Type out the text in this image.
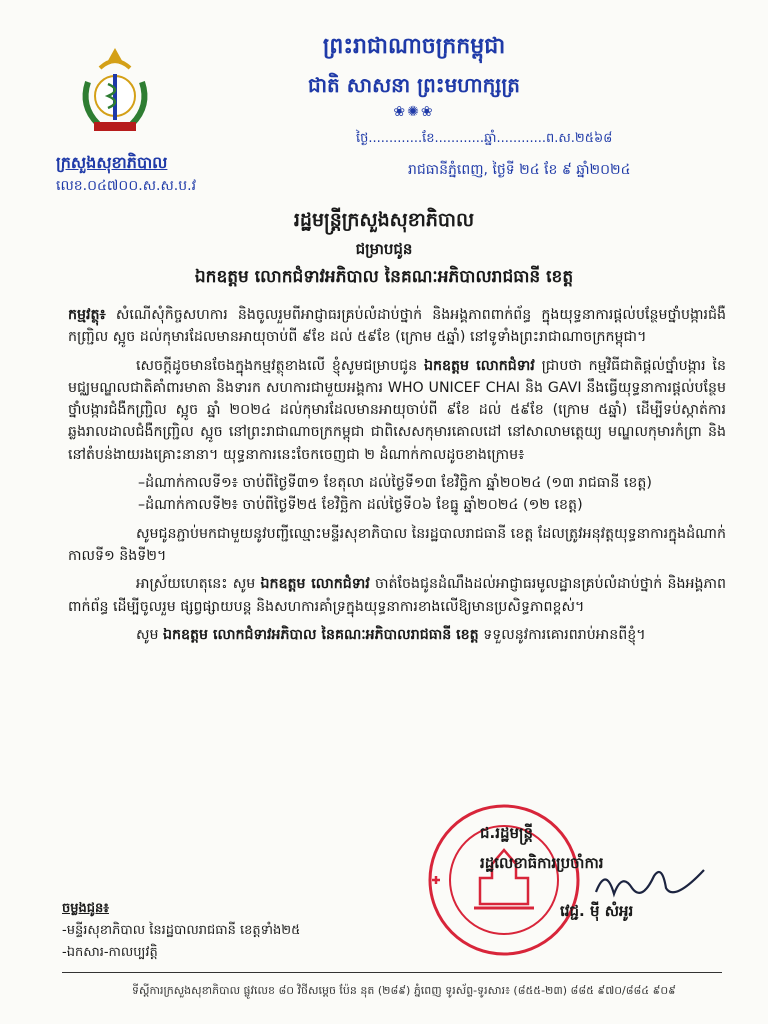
ព្រះរាជាណាចក្រកម្ពុជា
ជាតិ សាសនា ព្រះមហាក្សត្រ
❀✺❀
ក្រសួងសុខាភិបាល
លេខ.០៤៧០០.ស.ស.ប.វ
ថ្ងៃ.............ខែ............ឆ្នាំ............ព.ស.២៥៦៨
រាជធានីភ្នំពេញ, ថ្ងៃទី ២៤ ខែ ៩ ឆ្នាំ២០២៤
រដ្ឋមន្ត្រីក្រសួងសុខាភិបាល
ជម្រាបជូន
ឯកឧត្តម លោកជំទាវអភិបាល នៃគណៈអភិបាលរាជធានី ខេត្ត

កម្មវត្ថុ៖ សំណើសុំកិច្ចសហការ និងចូលរួមពីអាជ្ញាធរគ្រប់លំដាប់ថ្នាក់ និងអង្គភាពពាក់ព័ន្ធ ក្នុងយុទ្ធនាការផ្តល់បន្ថែមថ្នាំបង្ការជំងឺកញ្ជ្រិល ស្អូច ដល់កុមារដែលមានអាយុចាប់ពី ៩ខែ ដល់ ៥៩ខែ (ក្រោម ៥ឆ្នាំ) នៅទូទាំងព្រះរាជាណាចក្រកម្ពុជា។

សេចក្តីដូចមានចែងក្នុងកម្មវត្ថុខាងលើ ខ្ញុំសូមជម្រាបជូន ឯកឧត្តម លោកជំទាវ ជ្រាបថា កម្មវិធីជាតិផ្តល់ថ្នាំបង្ការ នៃមជ្ឈមណ្ឌលជាតិគាំពារមាតា និងទារក សហការជាមួយអង្គការ WHO UNICEF CHAI និង GAVI នឹងធ្វើយុទ្ធនាការផ្តល់បន្ថែមថ្នាំបង្ការជំងឺកញ្ជ្រិល ស្អូច ឆ្នាំ ២០២៤ ដល់កុមារដែលមានអាយុចាប់ពី ៩ខែ ដល់ ៥៩ខែ (ក្រោម ៥ឆ្នាំ) ដើម្បីទប់ស្កាត់ការឆ្លងរាលដាលជំងឺកញ្ជ្រិល ស្អូច នៅព្រះរាជាណាចក្រកម្ពុជា ជាពិសេសកុមារគោលដៅ នៅសាលាមត្តេយ្យ មណ្ឌលកុមារកំព្រា និងនៅតំបន់ងាយរងគ្រោះនានា។ យុទ្ធនាការនេះចែកចេញជា ២ ដំណាក់កាលដូចខាងក្រោម៖

–ដំណាក់កាលទី១៖ ចាប់ពីថ្ងៃទី៣១ ខែតុលា ដល់ថ្ងៃទី១៣ ខែវិច្ឆិកា ឆ្នាំ២០២៤ (១៣ រាជធានី ខេត្ត)

–ដំណាក់កាលទី២៖ ចាប់ពីថ្ងៃទី២៥ ខែវិច្ឆិកា ដល់ថ្ងៃទី០៦ ខែធ្នូ ឆ្នាំ២០២៤ (១២ ខេត្ត)

សូមជូនភ្ជាប់មកជាមួយនូវបញ្ជីឈ្មោះមន្ទីរសុខាភិបាល នៃរដ្ឋបាលរាជធានី ខេត្ត ដែលត្រូវអនុវត្តយុទ្ធនាការក្នុងដំណាក់កាលទី១ និងទី២។

អាស្រ័យហេតុនេះ សូម ឯកឧត្តម លោកជំទាវ ចាត់ចែងជូនដំណឹងដល់អាជ្ញាធរមូលដ្ឋានគ្រប់លំដាប់ថ្នាក់ និងអង្គភាពពាក់ព័ន្ធ ដើម្បីចូលរួម ផ្សព្វផ្សាយបន្ត និងសហការគាំទ្រក្នុងយុទ្ធនាការខាងលើឱ្យមានប្រសិទ្ធភាពខ្ពស់។

សូម ឯកឧត្តម លោកជំទាវអភិបាល នៃគណៈអភិបាលរាជធានី ខេត្ត ទទួលនូវការគោរពរាប់អានពីខ្ញុំ។

ជ.រដ្ឋមន្ត្រី
រដ្ឋលេខាធិការប្រចាំការ
វេជ្ជ. ម៉ី សំអូរ
ចម្លងជូន៖
-មន្ទីរសុខាភិបាល នៃរដ្ឋបាលរាជធានី ខេត្តទាំង២៥
-ឯកសារ-កាលប្បវត្តិ
ទីស្តីការក្រសួងសុខាភិបាល ផ្លូវលេខ ៨០ វិថីសម្ដេច ប៉ែន នុត (២៨៩) ភ្នំពេញ ទូរស័ព្ទ-ទូរសារ៖ (៨៥៥-២៣) ៨៨៥ ៩៧០/៨៨៤ ៩០៩
